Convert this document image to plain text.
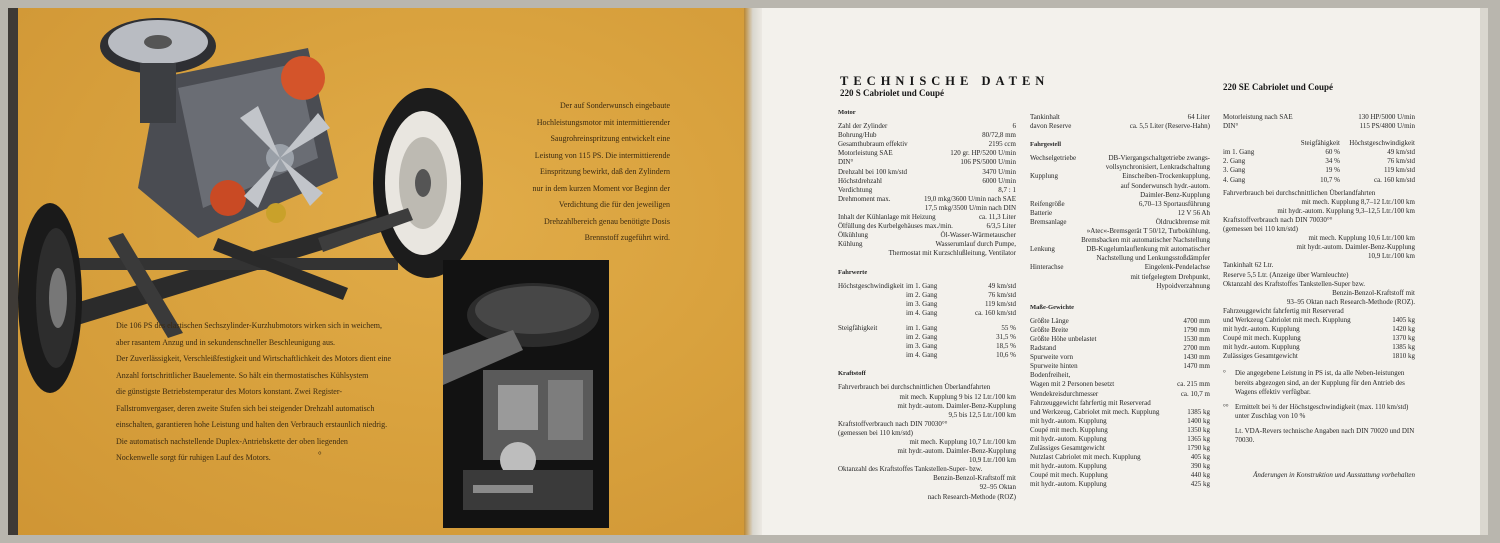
Der auf Sonderwunsch eingebaute

Hochleistungsmotor mit intermittierender

Saugrohreinspritzung entwickelt eine

Leistung von 115 PS. Die intermittierende

Einspritzung bewirkt, daß den Zylindern

nur in dem kurzen Moment vor Beginn der

Verdichtung die für den jeweiligen

Drehzahlbereich genau benötigte Dosis

Brennstoff zugeführt wird.

Die 106 PS des elastischen Sechszylinder-Kurzhubmotors wirken sich in weichem,

aber rasantem Anzug und in sekundenschneller Beschleunigung aus.

Der Zuverlässigkeit, Verschleißfestigkeit und Wirtschaftlichkeit des Motors dient eine

Anzahl fortschrittlicher Bauelemente. So hält ein thermostatisches Kühlsystem

die günstigste Betriebstemperatur des Motors konstant. Zwei Register-

Fallstromvergaser, deren zweite Stufen sich bei steigender Drehzahl automatisch

einschalten, garantieren hohe Leistung und halten den Verbrauch erstaunlich niedrig.

Die automatisch nachstellende Duplex-Antriebskette der oben liegenden

Nockenwelle sorgt für ruhigen Lauf des Motors.	°
TECHNISCHE DATEN
220 S Cabriolet und Coupé
220 SE Cabriolet und Coupé
Motor
Zahl der Zylinder	6
Bohrung/Hub	80/72,8 mm
Gesamthubraum effektiv	2195 ccm
Motorleistung SAE	120 gr. HP/5200 U/min
DIN°	106 PS/5000 U/min
Drehzahl bei 100 km/std	3470 U/min
Höchstdrehzahl	6000 U/min
Verdichtung	8,7 : 1
Drehmoment max.	19,0 mkg/3600 U/min nach SAE
17,5 mkg/3500 U/min nach DIN
Inhalt der Kühlanlage mit Heizung	ca. 11,3 Liter
Ölfüllung des Kurbelgehäuses max./min.	6/3,5 Liter
Ölkühlung	Öl-Wasser-Wärmetauscher
Kühlung	Wasserumlauf durch Pumpe,
Thermostat mit Kurzschlußleitung, Ventilator
Fahrwerte
Höchstgeschwindigkeit im 1. Gang	49 km/std
im 2. Gang	76 km/std
im 3. Gang	119 km/std
im 4. Gang	ca. 160 km/std
Steigfähigkeit	im 1. Gang	55 %
im 2. Gang	31,5 %
im 3. Gang	18,5 %
im 4. Gang	10,6 %
Kraftstoff
Fahrverbrauch bei durchschnittlichen Überlandfahrten
mit mech. Kupplung 9 bis 12 Ltr./100 km
mit hydr.-autom. Daimler-Benz-Kupplung
9,5 bis 12,5 Ltr./100 km
Kraftstoffverbrauch nach DIN 70030°°
(gemessen bei 110 km/std)
mit mech. Kupplung 10,7 Ltr./100 km
mit hydr.-autom. Daimler-Benz-Kupplung
10,9 Ltr./100 km
Oktanzahl des Kraftstoffes Tankstellen-Super- bzw.
Benzin-Benzol-Kraftstoff mit
92–95 Oktan
nach Research-Methode (ROZ)
Tankinhalt	64 Liter
davon Reserve	ca. 5,5 Liter (Reserve-Hahn)
Fahrgestell
Wechselgetriebe	DB-Viergangschaltgetriebe zwangs-
vollsynchronisiert, Lenkradschaltung
Kupplung	Einscheiben-Trockenkupplung,
auf Sonderwunsch hydr.-autom.
Daimler-Benz-Kupplung
Reifengröße	6,70–13 Sportausführung
Batterie	12 V 56 Ah
Bremsanlage	Öldruckbremse mit
»Atec«-Bremsgerät T 50/12, Turbokühlung,
Bremsbacken mit automatischer Nachstellung
Lenkung	DB-Kugelumlauflenkung mit automatischer
Nachstellung und Lenkungsstoßdämpfer
Hinterachse	Eingelenk-Pendelachse
mit tiefgelegtem Drehpunkt,
Hypoidverzahnung
Maße-Gewichte
Größte Länge	4700 mm
Größte Breite	1790 mm
Größte Höhe unbelastet	1530 mm
Radstand	2700 mm
Spurweite vorn	1430 mm
Spurweite hinten	1470 mm
Bodenfreiheit,
Wagen mit 2 Personen besetzt	ca. 215 mm
Wendekreisdurchmesser	ca. 10,7 m
Fahrzeuggewicht fahrfertig mit Reserverad
und Werkzeug, Cabriolet mit mech. Kupplung	1385 kg
mit hydr.-autom. Kupplung	1400 kg
Coupé mit mech. Kupplung	1350 kg
mit hydr.-autom. Kupplung	1365 kg
Zulässiges Gesamtgewicht	1790 kg
Nutzlast Cabriolet mit mech. Kupplung	405 kg
mit hydr.-autom. Kupplung	390 kg
Coupé mit mech. Kupplung	440 kg
mit hydr.-autom. Kupplung	425 kg
Motorleistung nach SAE	130 HP/5000 U/min
DIN°	115 PS/4800 U/min
Steigfähigkeit	Höchstgeschwindigkeit
im 1. Gang	60 %	49 km/std
2. Gang	34 %	76 km/std
3. Gang	19 %	119 km/std
4. Gang	10,7 %	ca. 160 km/std
Fahrverbrauch bei durchschnittlichen Überlandfahrten
mit mech. Kupplung 8,7–12 Ltr./100 km
mit hydr.-autom. Kupplung 9,3–12,5 Ltr./100 km
Kraftstoffverbrauch nach DIN 70030°°
(gemessen bei 110 km/std)
mit mech. Kupplung 10,6 Ltr./100 km
mit hydr.-autom. Daimler-Benz-Kupplung
10,9 Ltr./100 km
Tankinhalt 62 Ltr.
Reserve 5,5 Ltr. (Anzeige über Warnleuchte)
Oktanzahl des Kraftstoffes Tankstellen-Super bzw.
Benzin-Benzol-Kraftstoff mit
93–95 Oktan nach Research-Methode (ROZ).
Fahrzeuggewicht fahrfertig mit Reserverad
und Werkzeug Cabriolet mit mech. Kupplung	1405 kg
mit hydr.-autom. Kupplung	1420 kg
Coupé mit mech. Kupplung	1370 kg
mit hydr.-autom. Kupplung	1385 kg
Zulässiges Gesamtgewicht	1810 kg
°	Die angegebene Leistung in PS ist, da alle Neben-leistungen bereits abgezogen sind, an der Kupplung für den Antrieb des Wagens effektiv verfügbar.
°° Ermittelt bei ¾ der Höchstgeschwindigkeit (max. 110 km/std) unter Zuschlag von 10 %
Lt. VDA-Revers technische Angaben nach DIN 70020 und DIN 70030.
Änderungen in Konstruktion und Ausstattung vorbehalten
